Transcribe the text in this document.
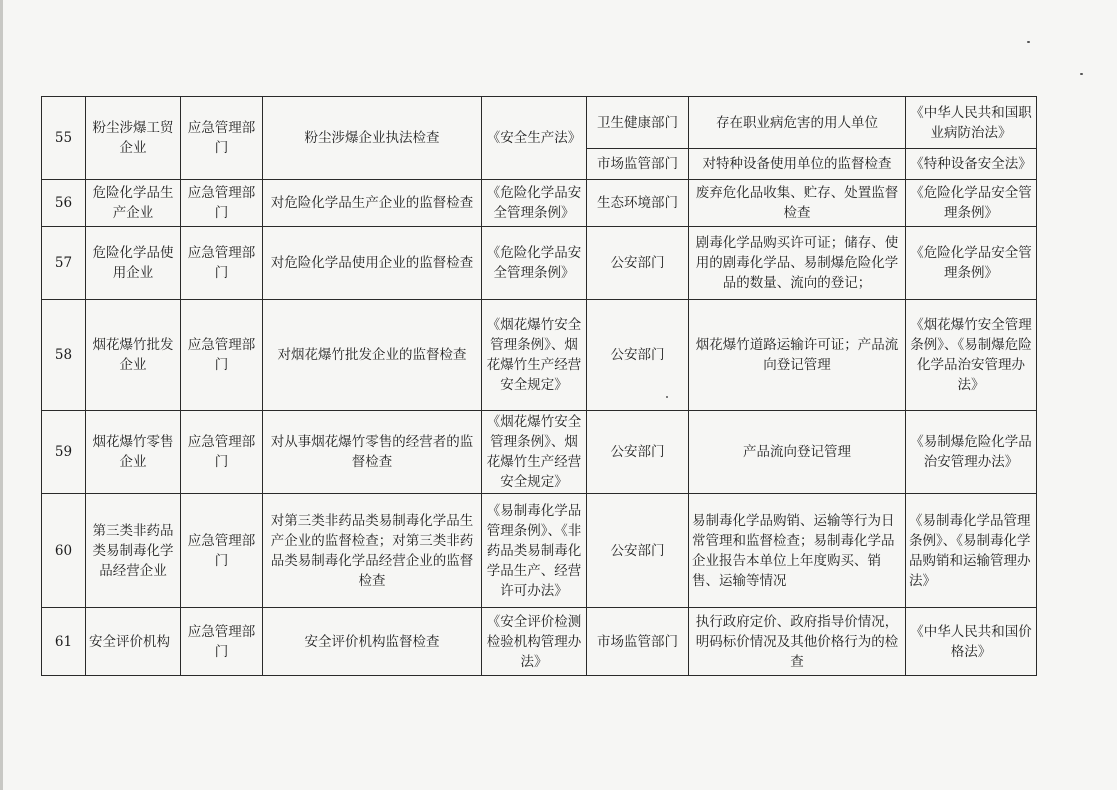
55	粉尘涉爆工贸企业	应急管理部门	粉尘涉爆企业执法检查	《安全生产法》	卫生健康部门	存在职业病危害的用人单位	《中华人民共和国职业病防治法》
					市场监管部门	对特种设备使用单位的监督检查	《特种设备安全法》
56	危险化学品生产企业	应急管理部门	对危险化学品生产企业的监督检查	《危险化学品安全管理条例》	生态环境部门	废弃危化品收集、贮存、处置监督检查	《危险化学品安全管理条例》
57	危险化学品使用企业	应急管理部门	对危险化学品使用企业的监督检查	《危险化学品安全管理条例》	公安部门	剧毒化学品购买许可证；储存、使用的剧毒化学品、易制爆危险化学品的数量、流向的登记；	《危险化学品安全管理条例》
58	烟花爆竹批发企业	应急管理部门	对烟花爆竹批发企业的监督检查	《烟花爆竹安全管理条例》、烟花爆竹生产经营安全规定》	公安部门	烟花爆竹道路运输许可证；产品流向登记管理	《烟花爆竹安全管理条例》、《易制爆危险化学品治安管理办法》
59	烟花爆竹零售企业	应急管理部门	对从事烟花爆竹零售的经营者的监督检查	《烟花爆竹安全管理条例》、烟花爆竹生产经营安全规定》	公安部门	产品流向登记管理	《易制爆危险化学品治安管理办法》
60	第三类非药品类易制毒化学品经营企业	应急管理部门	对第三类非药品类易制毒化学品生产企业的监督检查；对第三类非药品类易制毒化学品经营企业的监督检查	《易制毒化学品管理条例》、《非药品类易制毒化学品生产、经营许可办法》	公安部门	易制毒化学品购销、运输等行为日常管理和监督检查；易制毒化学品企业报告本单位上年度购买、销售、运输等情况	《易制毒化学品管理条例》、《易制毒化学品购销和运输管理办法》
61	安全评价机构	应急管理部门	安全评价机构监督检查	《安全评价检测检验机构管理办法》	市场监管部门	执行政府定价、政府指导价情况，明码标价情况及其他价格行为的检查	《中华人民共和国价格法》
